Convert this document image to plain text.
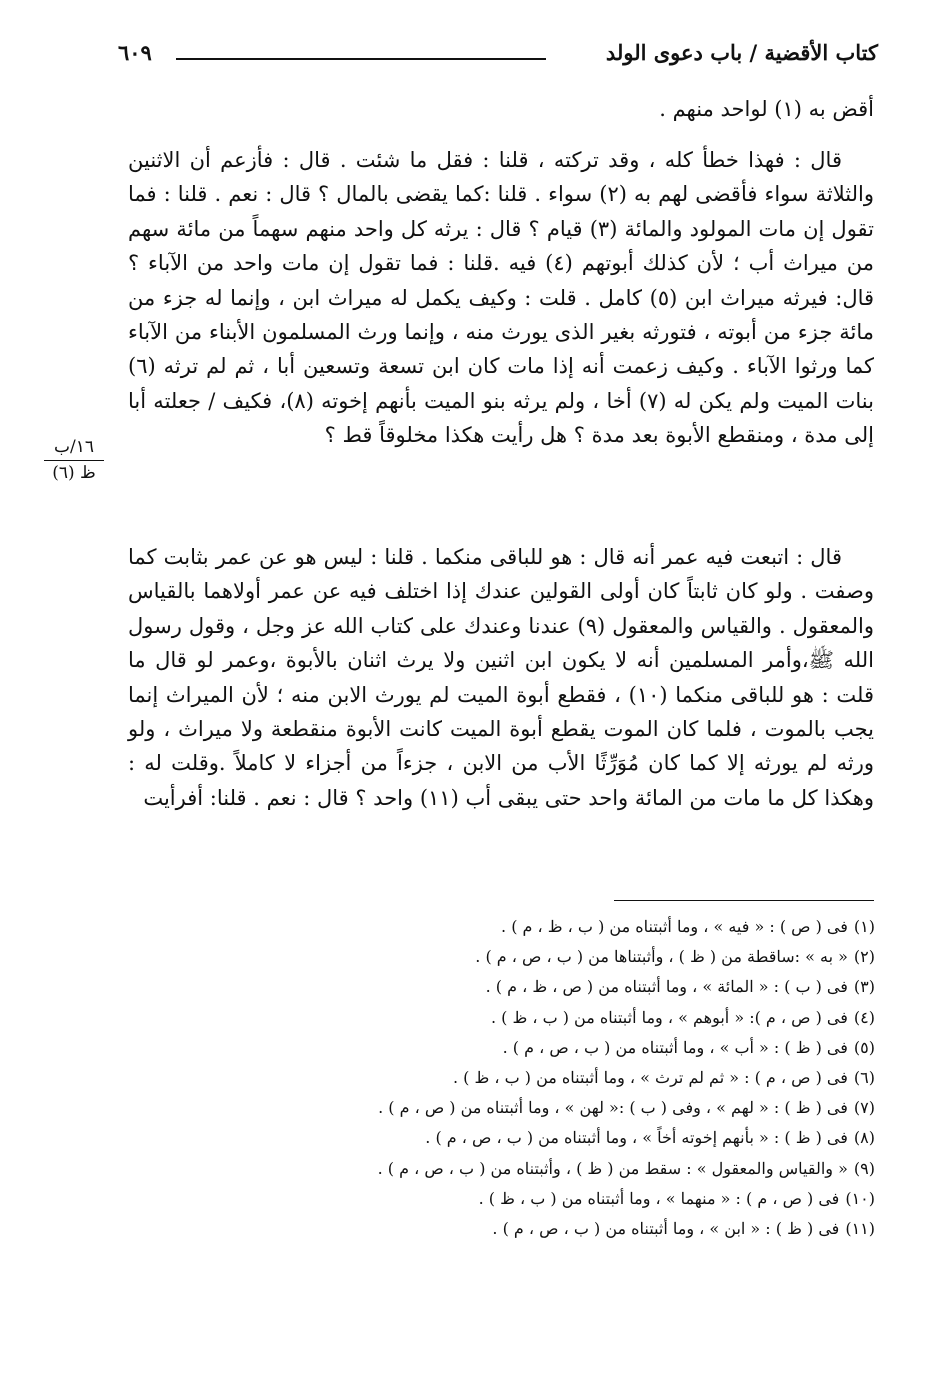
كتاب الأقضية / باب دعوى الولد
٦٠٩
أقض به (١) لواحد منهم .
قال : فهذا خطأ كله ، وقد تركته ، قلنا : فقل ما شئت . قال : فأزعم أن الاثنين والثلاثة سواء فأقضى لهم به (٢) سواء . قلنا :كما يقضى بالمال ؟ قال : نعم . قلنا : فما تقول إن مات المولود والمائة (٣) قيام ؟ قال : يرثه كل واحد منهم سهماً من مائة سهم من ميراث أب ؛ لأن كذلك أبوتهم (٤) فيه .قلنا : فما تقول إن مات واحد من الآباء ؟ قال: فيرثه ميراث ابن (٥) كامل . قلت : وكيف يكمل له ميراث ابن ، وإنما له جزء من مائة جزء من أبوته ، فتورثه بغير الذى يورث منه ، وإنما ورث المسلمون الأبناء من الآباء كما ورثوا الآباء . وكيف زعمت أنه إذا مات كان ابن تسعة وتسعين أبا ، ثم لم ترثه (٦) بنات الميت ولم يكن له (٧) أخا ، ولم يرثه بنو الميت بأنهم إخوته (٨)، فكيف / جعلته أبا إلى مدة ، ومنقطع الأبوة بعد مدة ؟ هل رأيت هكذا مخلوقاً قط ؟
قال : اتبعت فيه عمر أنه قال : هو للباقى منكما . قلنا : ليس هو عن عمر بثابت كما وصفت . ولو كان ثابتاً كان أولى القولين عندك إذا اختلف فيه عن عمر أولاهما بالقياس والمعقول . والقياس والمعقول (٩) عندنا وعندك على كتاب الله عز وجل ، وقول رسول الله ﷺ،وأمر المسلمين أنه لا يكون ابن اثنين ولا يرث اثنان بالأبوة ،وعمر لو قال ما قلت : هو للباقى منكما (١٠) ، فقطع أبوة الميت لم يورث الابن منه ؛ لأن الميراث إنما يجب بالموت ، فلما كان الموت يقطع أبوة الميت كانت الأبوة منقطعة ولا ميراث ، ولو ورثه لم يورثه إلا كما كان مُوَرِّثًا الأب من الابن ، جزءاً من أجزاء لا كاملاً .وقلت له : وهكذا كل ما مات من المائة واحد حتى يبقى أب (١١) واحد ؟ قال : نعم . قلنا: أفرأيت
١٦/ب
ظ (٦)
(١)فى ( ص ) : « فيه » ، وما أثبتناه من ( ب ، ظ ، م ) .
(٢)« به » :ساقطة من ( ظ ) ، وأثبتناها من ( ب ، ص ، م ) .
(٣)فى ( ب ) : « المائة » ، وما أثبتناه من ( ص ، ظ ، م ) .
(٤)فى ( ص ، م ): « أبوهم » ، وما أثبتناه من ( ب ، ظ ) .
(٥)فى ( ظ ) : « أب » ، وما أثبتناه من ( ب ، ص ، م ) .
(٦)فى ( ص ، م ) : « ثم لم ترث » ، وما أثبتناه من ( ب ، ظ ) .
(٧)فى ( ظ ) : « لهم » ، وفى ( ب ) :« لهن » ، وما أثبتناه من ( ص ، م ) .
(٨)فى ( ظ ) : « بأنهم إخوته أخاً » ، وما أثبتناه من ( ب ، ص ، م ) .
(٩)« والقياس والمعقول » : سقط من ( ظ ) ، وأثبتناه من ( ب ، ص ، م ) .
(١٠)فى ( ص ، م ) : « منهما » ، وما أثبتناه من ( ب ، ظ ) .
(١١)فى ( ظ ) : « ابن » ، وما أثبتناه من ( ب ، ص ، م ) .
